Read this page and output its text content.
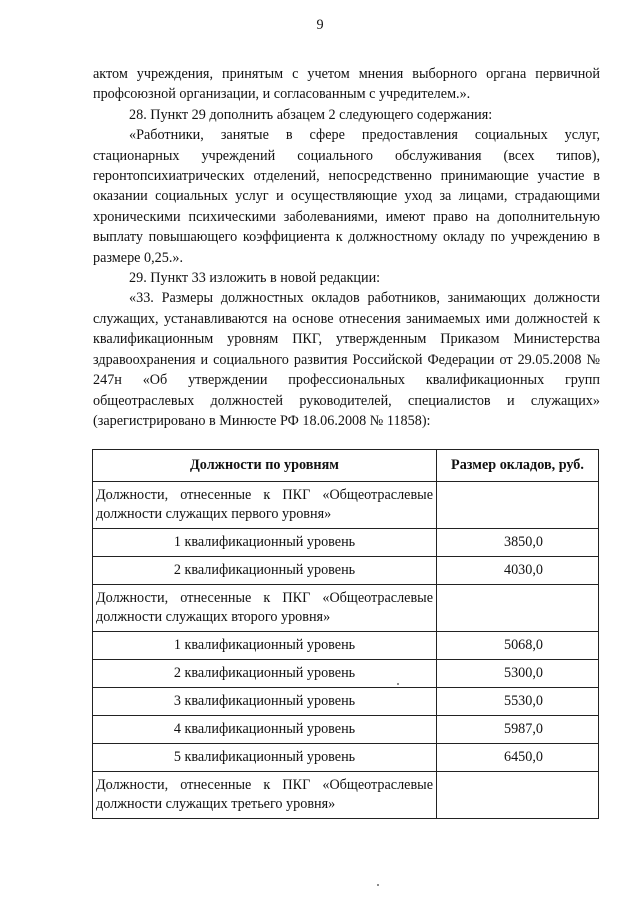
9

актом учреждения, принятым с учетом мнения выборного органа первичной профсоюзной организации, и согласованным с учредителем.».

28. Пункт 29 дополнить абзацем 2 следующего содержания:

«Работники, занятые в сфере предоставления социальных услуг, стационарных учреждений социального обслуживания (всех типов), геронтопсихиатрических отделений, непосредственно принимающие участие в оказании социальных услуг и осуществляющие уход за лицами, страдающими хроническими психическими заболеваниями, имеют право на дополнительную выплату повышающего коэффициента к должностному окладу по учреждению в размере 0,25.».

29. Пункт 33 изложить в новой редакции:

«33. Размеры должностных окладов работников, занимающих должности служащих, устанавливаются на основе отнесения занимаемых ими должностей к квалификационным уровням ПКГ, утвержденным Приказом Министерства здравоохранения и социального развития Российской Федерации от 29.05.2008 № 247н «Об утверждении профессиональных квалификационных групп общеотраслевых должностей руководителей, специалистов и служащих» (зарегистрировано в Минюсте РФ 18.06.2008 № 11858):

Должности по уровням	Размер окладов, руб.
Должности, отнесенные к ПКГ «Общеотраслевые должности служащих первого уровня»	
1 квалификационный уровень	3850,0
2 квалификационный уровень	4030,0
Должности, отнесенные к ПКГ «Общеотраслевые должности служащих второго уровня»	
1 квалификационный уровень	5068,0
2 квалификационный уровень	5300,0
3 квалификационный уровень	5530,0
4 квалификационный уровень	5987,0
5 квалификационный уровень	6450,0
Должности, отнесенные к ПКГ «Общеотраслевые должности служащих третьего уровня»	
